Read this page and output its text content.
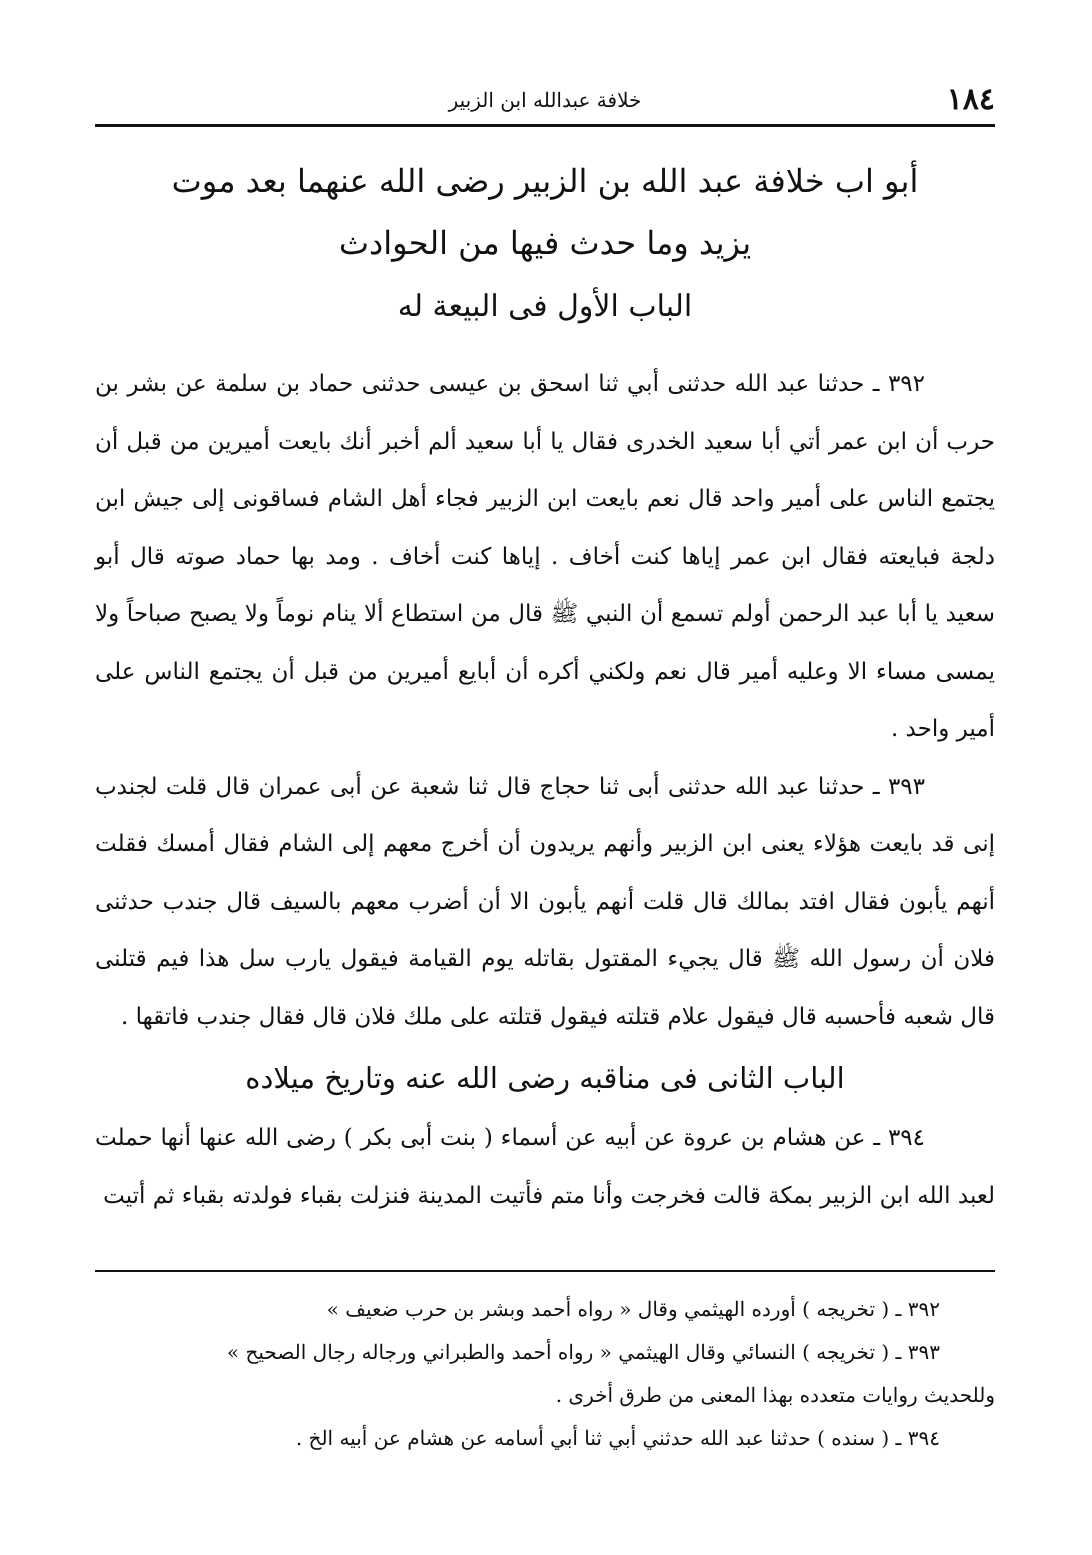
١٨٤
خلافة عبدالله ابن الزبير

أبو اب خلافة عبد الله بن الزبير رضى الله عنهما بعد موت

يزيد وما حدث فيها من الحوادث

الباب الأول فى البيعة له

٣٩٢ ـ حدثنا عبد الله حدثنى أبي ثنا اسحق بن عيسى حدثنى حماد بن سلمة عن بشر بن حرب أن ابن عمر أتي أبا سعيد الخدرى فقال يا أبا سعيد ألم أخبر أنك بايعت أميرين من قبل أن يجتمع الناس على أمير واحد قال نعم بايعت ابن الزبير فجاء أهل الشام فساقونى إلى جيش ابن دلجة فبايعته فقال ابن عمر إياها كنت أخاف . إياها كنت أخاف . ومد بها حماد صوته قال أبو سعيد يا أبا عبد الرحمن أولم تسمع أن النبي ﷺ قال من استطاع ألا ينام نوماً ولا يصبح صباحاً ولا يمسى مساء الا وعليه أمير قال نعم ولكني أكره أن أبايع أميرين من قبل أن يجتمع الناس على أمير واحد .

٣٩٣ ـ حدثنا عبد الله حدثنى أبى ثنا حجاج قال ثنا شعبة عن أبى عمران قال قلت لجندب إنى قد بايعت هؤلاء يعنى ابن الزبير وأنهم يريدون أن أخرج معهم إلى الشام فقال أمسك فقلت أنهم يأبون فقال افتد بمالك قال قلت أنهم يأبون الا أن أضرب معهم بالسيف قال جندب حدثنى فلان أن رسول الله ﷺ قال يجيء المقتول بقاتله يوم القيامة فيقول يارب سل هذا فيم قتلنى قال شعبه فأحسبه قال فيقول علام قتلته فيقول قتلته على ملك فلان قال فقال جندب فاتقها .

الباب الثانى فى مناقبه رضى الله عنه وتاريخ ميلاده

٣٩٤ ـ عن هشام بن عروة عن أبيه عن أسماء ( بنت أبى بكر ) رضى الله عنها أنها حملت لعبد الله ابن الزبير بمكة قالت فخرجت وأنا متم فأتيت المدينة فنزلت بقباء فولدته بقباء ثم أتيت

٣٩٢ ـ ( تخريجه ) أورده الهيثمي وقال « رواه أحمد وبشر بن حرب ضعيف »

٣٩٣ ـ ( تخريجه ) النسائي وقال الهيثمي « رواه أحمد والطبراني ورجاله رجال الصحيح »

وللحديث روايات متعدده بهذا المعنى من طرق أخرى .

٣٩٤ ـ ( سنده ) حدثنا عبد الله حدثني أبي ثنا أبي أسامه عن هشام عن أبيه الخ .
